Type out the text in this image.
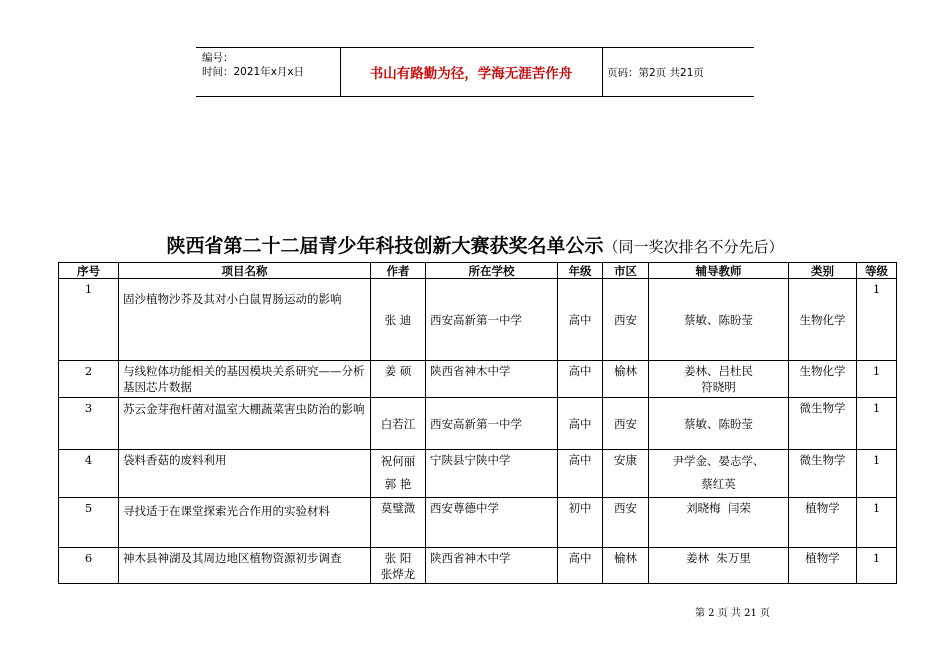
编号：
时间：2021年x月x日	书山有路勤为径，学海无涯苦作舟	页码：第2页 共21页
陕西省第二十二届青少年科技创新大赛获奖名单公示（同一奖次排名不分先后）
序号	项目名称	作者	所在学校	年级	市区	辅导教师	类别	等级
1	固沙植物沙芥及其对小白鼠胃肠运动的影响	张 迪	西安高新第一中学	高中	西安	蔡敏、陈盼莹	生物化学	1
2	与线粒体功能相关的基因模块关系研究——分析基因芯片数据	姜 硕	陕西省神木中学	高中	榆林	姜林、吕杜民
符晓明	生物化学	1
3	苏云金芽孢杆菌对温室大棚蔬菜害虫防治的影响	白若江	西安高新第一中学	高中	西安	蔡敏、陈盼莹	微生物学	1
4	袋料香菇的废料利用	祝何丽
郭 艳	宁陕县宁陕中学	高中	安康	尹学金、晏志学、
蔡红英	微生物学	1
5	寻找适于在课堂探索光合作用的实验材料	莫璧溦	西安尊德中学	初中	西安	刘晓梅  闫荣	植物学	1
6	神木县神湖及其周边地区植物资源初步调查	张 阳
张烨龙	陕西省神木中学	高中	榆林	姜林  朱万里	植物学	1
第 2 页 共 21 页
